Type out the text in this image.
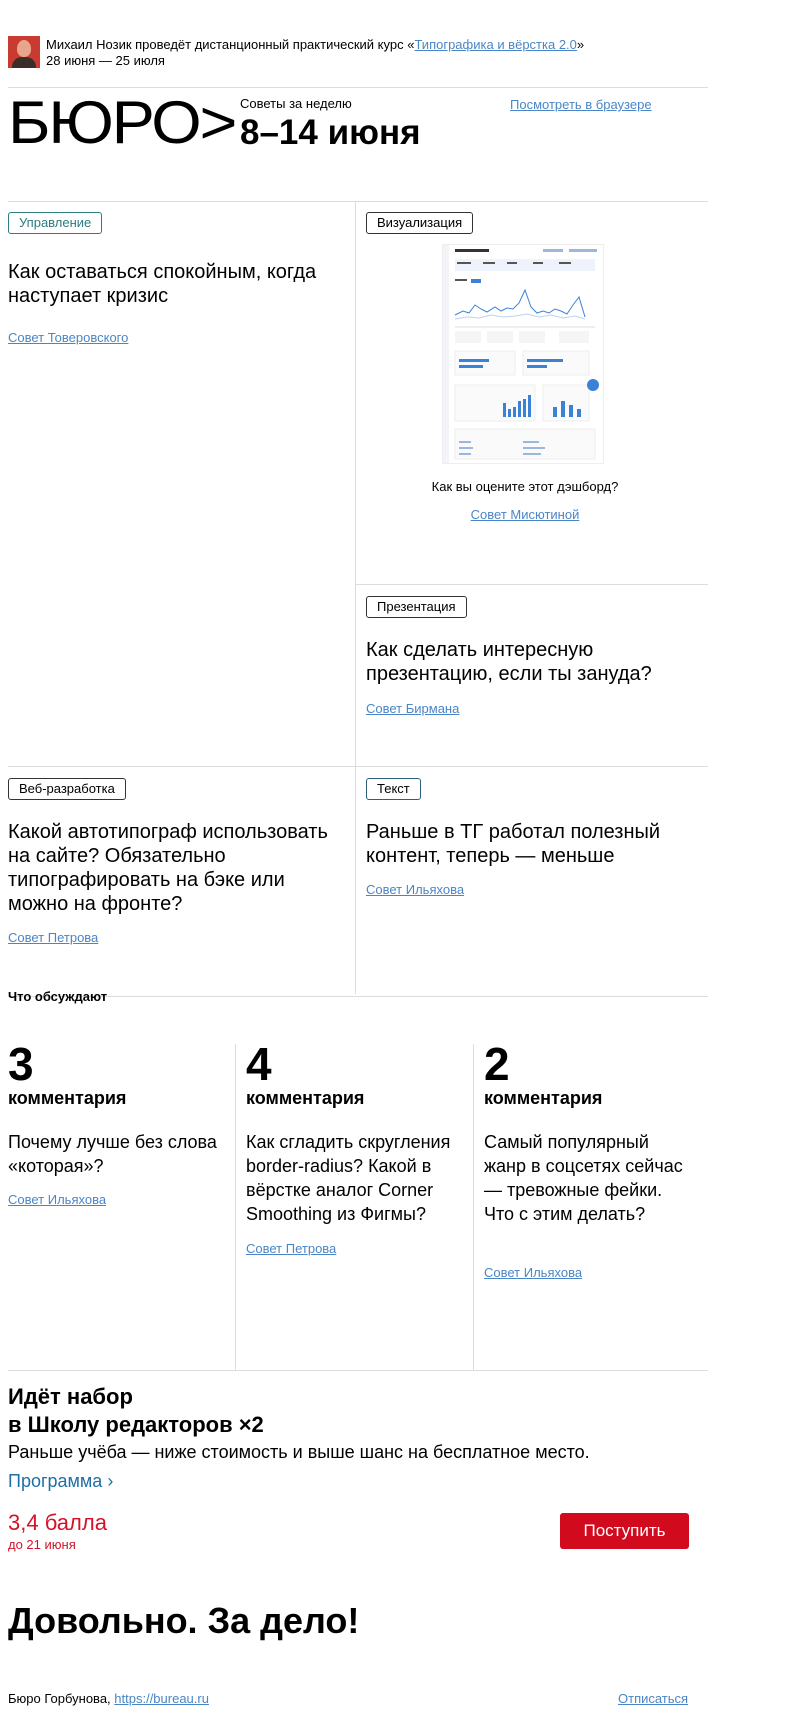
Михаил Нозик проведёт дистанционный практический курс «Типографика и вёрстка 2.0»
28 июня — 25 июля
БЮРО> Советы за неделю
8–14 июня
Посмотреть в браузере
Управление
Как оставаться спокойным, когда наступает кризис
Совет Товеровского
Визуализация
Как вы оцените этот дэшборд?
Совет Мисютиной
Презентация
Как сделать интересную презентацию, если ты зануда?
Совет Бирмана
Веб-разработка
Какой автотипограф использовать на сайте? Обязательно типографировать на бэке или можно на фронте?
Совет Петрова
Текст
Раньше в ТГ работал полезный контент, теперь — меньше
Совет Ильяхова
Что обсуждают
3
комментария
Почему лучше без слова «которая»?
Совет Ильяхова
4
комментария
Как сгладить скругления border-radius? Какой в вёрстке аналог Corner Smoothing из Фигмы?
Совет Петрова
2
комментария
Самый популярный жанр в соцсетях сейчас — тревожные фейки. Что с этим делать?
Совет Ильяхова
Идёт набор
в Школу редакторов ×2
Раньше учёба — ниже стоимость и выше шанс на бесплатное место.
Программа ›
3,4 балла
до 21 июня
Поступить
Довольно. За дело!
Бюро Горбунова, https://bureau.ru	Отписаться
